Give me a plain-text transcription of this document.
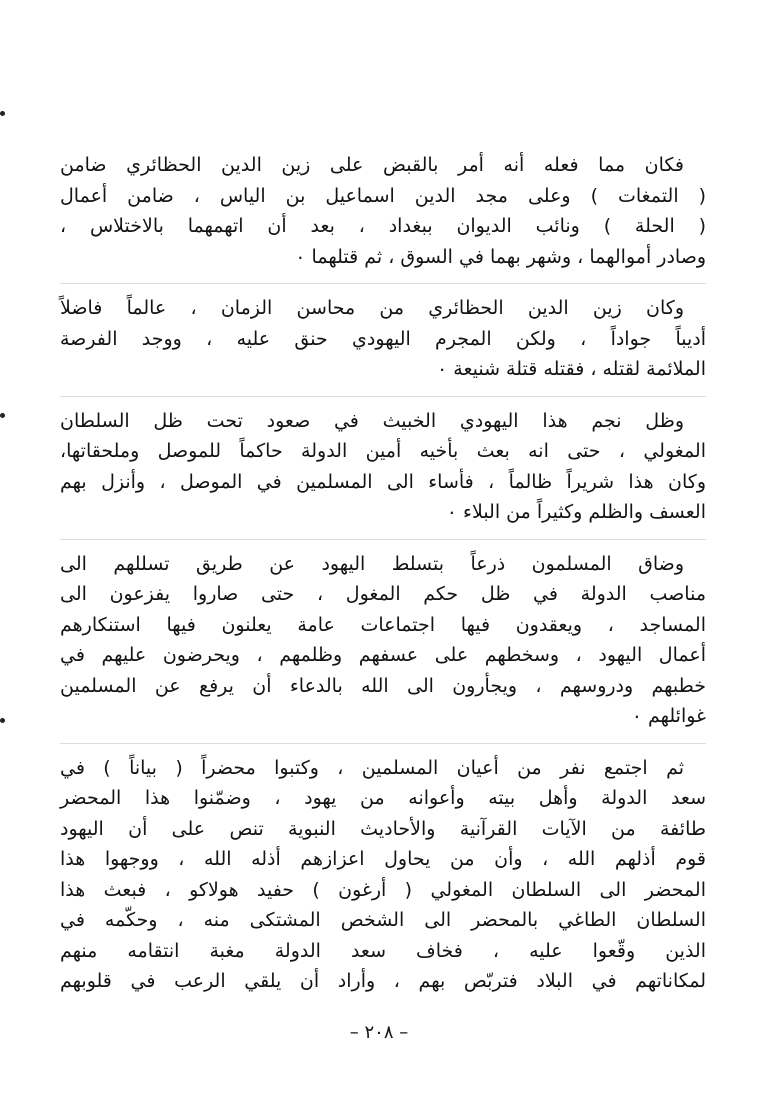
فكان مما فعله أنه أمر بالقبض على زين الدين الحظائري ضامن
( التمغات ) وعلى مجد الدين اسماعيل بن الياس ، ضامن أعمال
( الحلة ) ونائب الديوان ببغداد ، بعد أن اتهمهما بالاختلاس ،
وصادر أموالهما ، وشهر بهما في السوق ، ثم قتلهما ٠
وكان زين الدين الحظائري من محاسن الزمان ، عالماً فاضلاً
أديباً جواداً ، ولكن المجرم اليهودي حنق عليه ، ووجد الفرصة
الملائمة لقتله ، فقتله قتلة شنيعة ٠
وظل نجم هذا اليهودي الخبيث في صعود تحت ظل السلطان
المغولي ، حتى انه بعث بأخيه أمين الدولة حاكماً للموصل وملحقاتها،
وكان هذا شريراً ظالماً ، فأساء الى المسلمين في الموصل ، وأنزل بهم
العسف والظلم وكثيراً من البلاء ٠
وضاق المسلمون ذرعاً بتسلط اليهود عن طريق تسللهم الى
مناصب الدولة في ظل حكم المغول ، حتى صاروا يفزعون الى
المساجد ، ويعقدون فيها اجتماعات عامة يعلنون فيها استنكارهم
أعمال اليهود ، وسخطهم على عسفهم وظلمهم ، ويحرضون عليهم في
خطبهم ودروسهم ، ويجأرون الى الله بالدعاء أن يرفع عن المسلمين
غوائلهم ٠
ثم اجتمع نفر من أعيان المسلمين ، وكتبوا محضراً ( بياناً ) في
سعد الدولة وأهل بيته وأعوانه من يهود ، وضمّنوا هذا المحضر
طائفة من الآيات القرآنية والأحاديث النبوية تنص على أن اليهود
قوم أذلهم الله ، وأن من يحاول اعزازهم أذله الله ، ووجهوا هذا
المحضر الى السلطان المغولي ( أرغون ) حفيد هولاكو ، فبعث هذا
السلطان الطاغي بالمحضر الى الشخص المشتكى منه ، وحكّمه في
الذين وقّعوا عليه ، فخاف سعد الدولة مغبة انتقامه منهم
لمكاناتهم في البلاد فتربّص بهم ، وأراد أن يلقي الرعب في قلوبهم
– ٢٠٨ –
